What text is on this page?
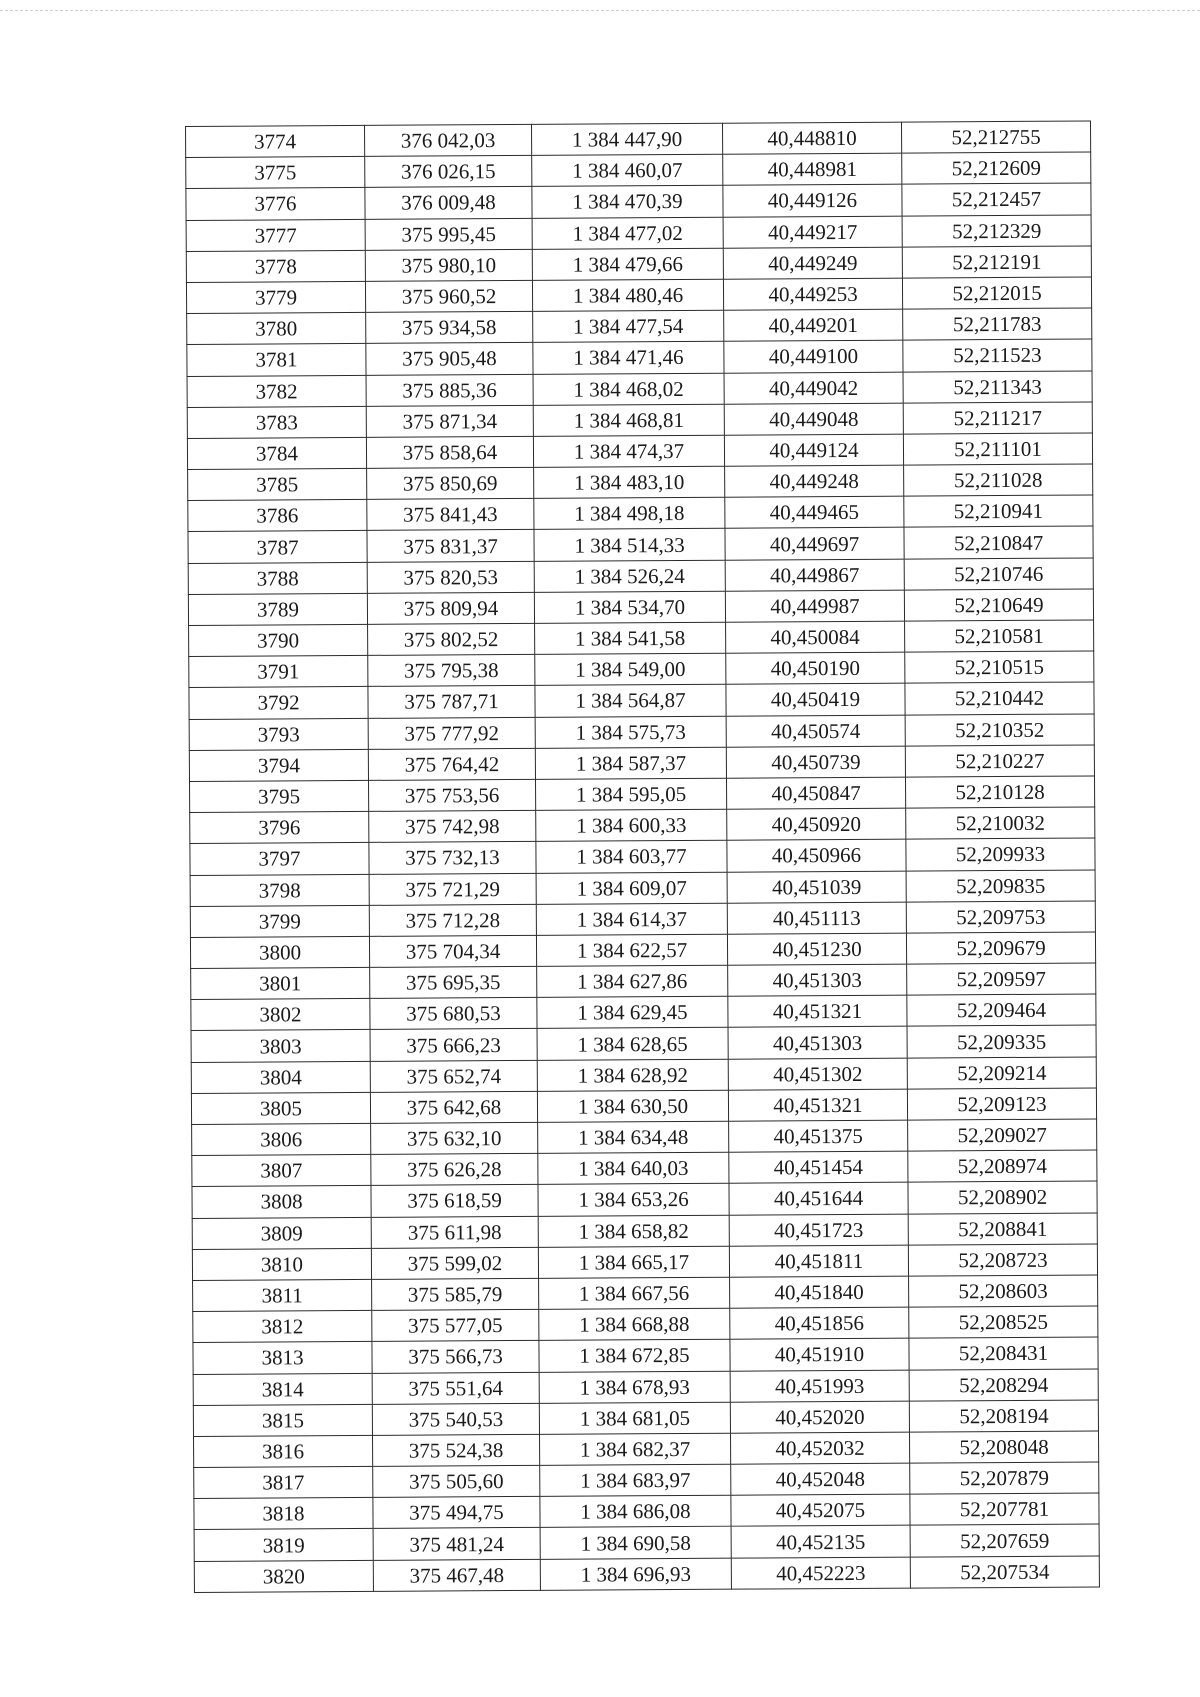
3774	376 042,03	1 384 447,90	40,448810	52,212755
3775	376 026,15	1 384 460,07	40,448981	52,212609
3776	376 009,48	1 384 470,39	40,449126	52,212457
3777	375 995,45	1 384 477,02	40,449217	52,212329
3778	375 980,10	1 384 479,66	40,449249	52,212191
3779	375 960,52	1 384 480,46	40,449253	52,212015
3780	375 934,58	1 384 477,54	40,449201	52,211783
3781	375 905,48	1 384 471,46	40,449100	52,211523
3782	375 885,36	1 384 468,02	40,449042	52,211343
3783	375 871,34	1 384 468,81	40,449048	52,211217
3784	375 858,64	1 384 474,37	40,449124	52,211101
3785	375 850,69	1 384 483,10	40,449248	52,211028
3786	375 841,43	1 384 498,18	40,449465	52,210941
3787	375 831,37	1 384 514,33	40,449697	52,210847
3788	375 820,53	1 384 526,24	40,449867	52,210746
3789	375 809,94	1 384 534,70	40,449987	52,210649
3790	375 802,52	1 384 541,58	40,450084	52,210581
3791	375 795,38	1 384 549,00	40,450190	52,210515
3792	375 787,71	1 384 564,87	40,450419	52,210442
3793	375 777,92	1 384 575,73	40,450574	52,210352
3794	375 764,42	1 384 587,37	40,450739	52,210227
3795	375 753,56	1 384 595,05	40,450847	52,210128
3796	375 742,98	1 384 600,33	40,450920	52,210032
3797	375 732,13	1 384 603,77	40,450966	52,209933
3798	375 721,29	1 384 609,07	40,451039	52,209835
3799	375 712,28	1 384 614,37	40,451113	52,209753
3800	375 704,34	1 384 622,57	40,451230	52,209679
3801	375 695,35	1 384 627,86	40,451303	52,209597
3802	375 680,53	1 384 629,45	40,451321	52,209464
3803	375 666,23	1 384 628,65	40,451303	52,209335
3804	375 652,74	1 384 628,92	40,451302	52,209214
3805	375 642,68	1 384 630,50	40,451321	52,209123
3806	375 632,10	1 384 634,48	40,451375	52,209027
3807	375 626,28	1 384 640,03	40,451454	52,208974
3808	375 618,59	1 384 653,26	40,451644	52,208902
3809	375 611,98	1 384 658,82	40,451723	52,208841
3810	375 599,02	1 384 665,17	40,451811	52,208723
3811	375 585,79	1 384 667,56	40,451840	52,208603
3812	375 577,05	1 384 668,88	40,451856	52,208525
3813	375 566,73	1 384 672,85	40,451910	52,208431
3814	375 551,64	1 384 678,93	40,451993	52,208294
3815	375 540,53	1 384 681,05	40,452020	52,208194
3816	375 524,38	1 384 682,37	40,452032	52,208048
3817	375 505,60	1 384 683,97	40,452048	52,207879
3818	375 494,75	1 384 686,08	40,452075	52,207781
3819	375 481,24	1 384 690,58	40,452135	52,207659
3820	375 467,48	1 384 696,93	40,452223	52,207534
